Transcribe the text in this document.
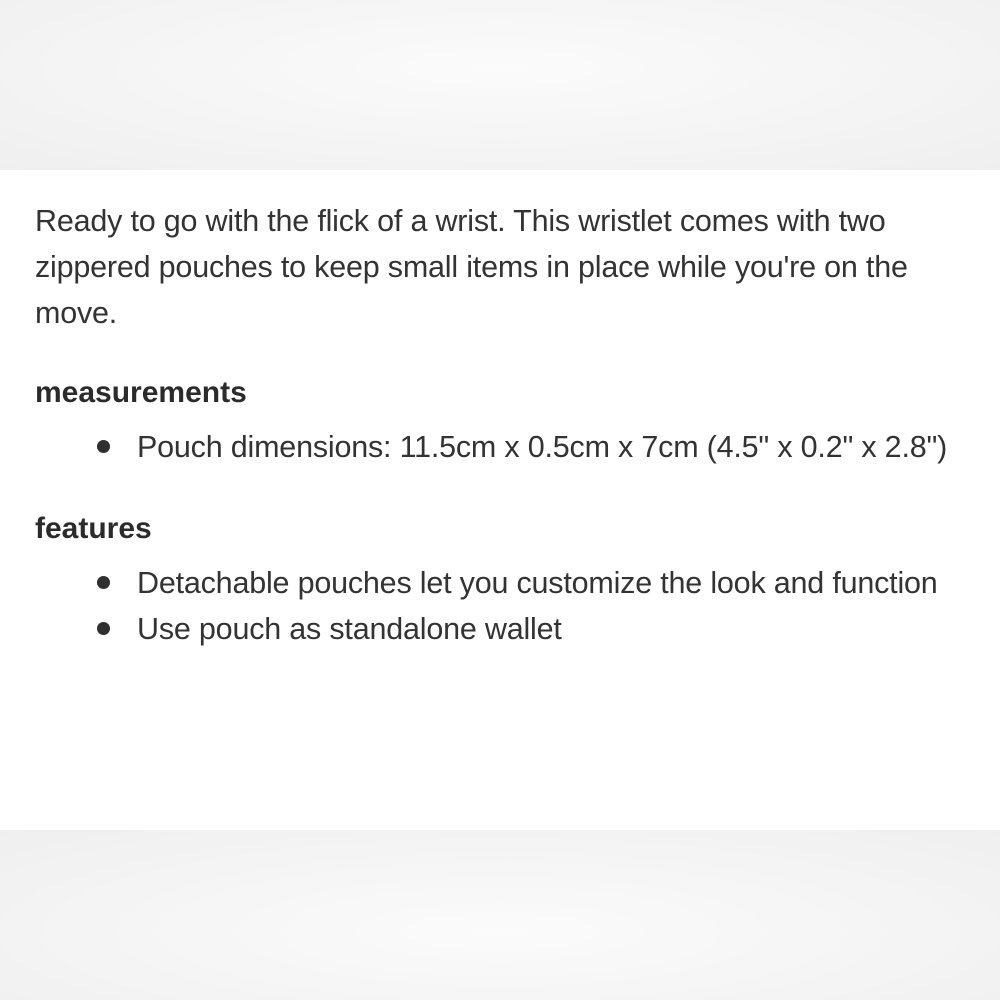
Ready to go with the flick of a wrist. This wristlet comes with two zippered pouches to keep small items in place while you're on the move.

measurements
Pouch dimensions: 11.5cm x 0.5cm x 7cm (4.5" x 0.2" x 2.8")
features
Detachable pouches let you customize the look and function
Use pouch as standalone wallet
